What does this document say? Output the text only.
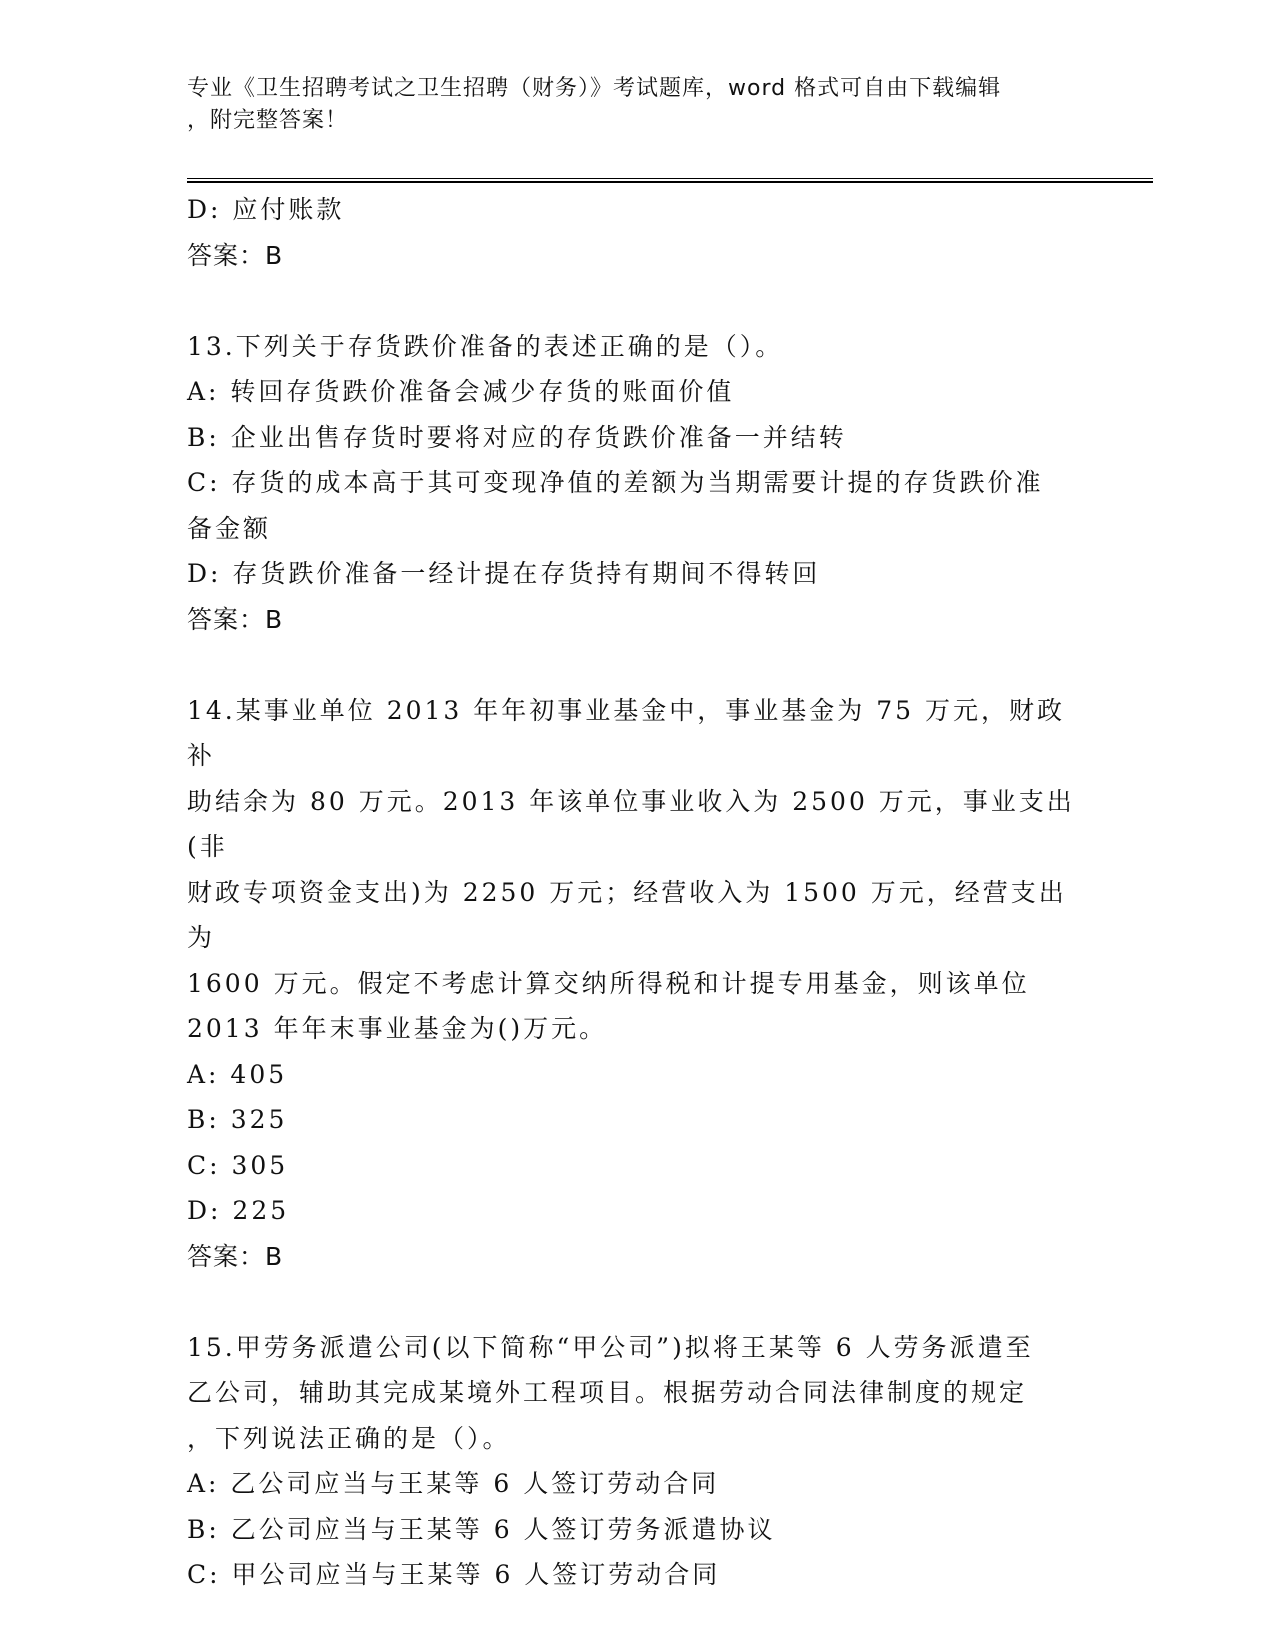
专业《卫生招聘考试之卫生招聘（财务）》考试题库，word 格式可自由下载编辑
，附完整答案！
D: 应付账款
答案：B
13.下列关于存货跌价准备的表述正确的是（）。
A: 转回存货跌价准备会减少存货的账面价值
B: 企业出售存货时要将对应的存货跌价准备一并结转
C: 存货的成本高于其可变现净值的差额为当期需要计提的存货跌价准
备金额
D: 存货跌价准备一经计提在存货持有期间不得转回
答案：B
14.某事业单位 2013 年年初事业基金中，事业基金为 75 万元，财政补
助结余为 80 万元。2013 年该单位事业收入为 2500 万元，事业支出(非
财政专项资金支出)为 2250 万元；经营收入为 1500 万元，经营支出为
1600 万元。假定不考虑计算交纳所得税和计提专用基金，则该单位
2013 年年末事业基金为()万元。
A: 405
B: 325
C: 305
D: 225
答案：B
15.甲劳务派遣公司(以下简称“甲公司”)拟将王某等 6 人劳务派遣至
乙公司，辅助其完成某境外工程项目。根据劳动合同法律制度的规定
，下列说法正确的是（）。
A: 乙公司应当与王某等 6 人签订劳动合同
B: 乙公司应当与王某等 6 人签订劳务派遣协议
C: 甲公司应当与王某等 6 人签订劳动合同
